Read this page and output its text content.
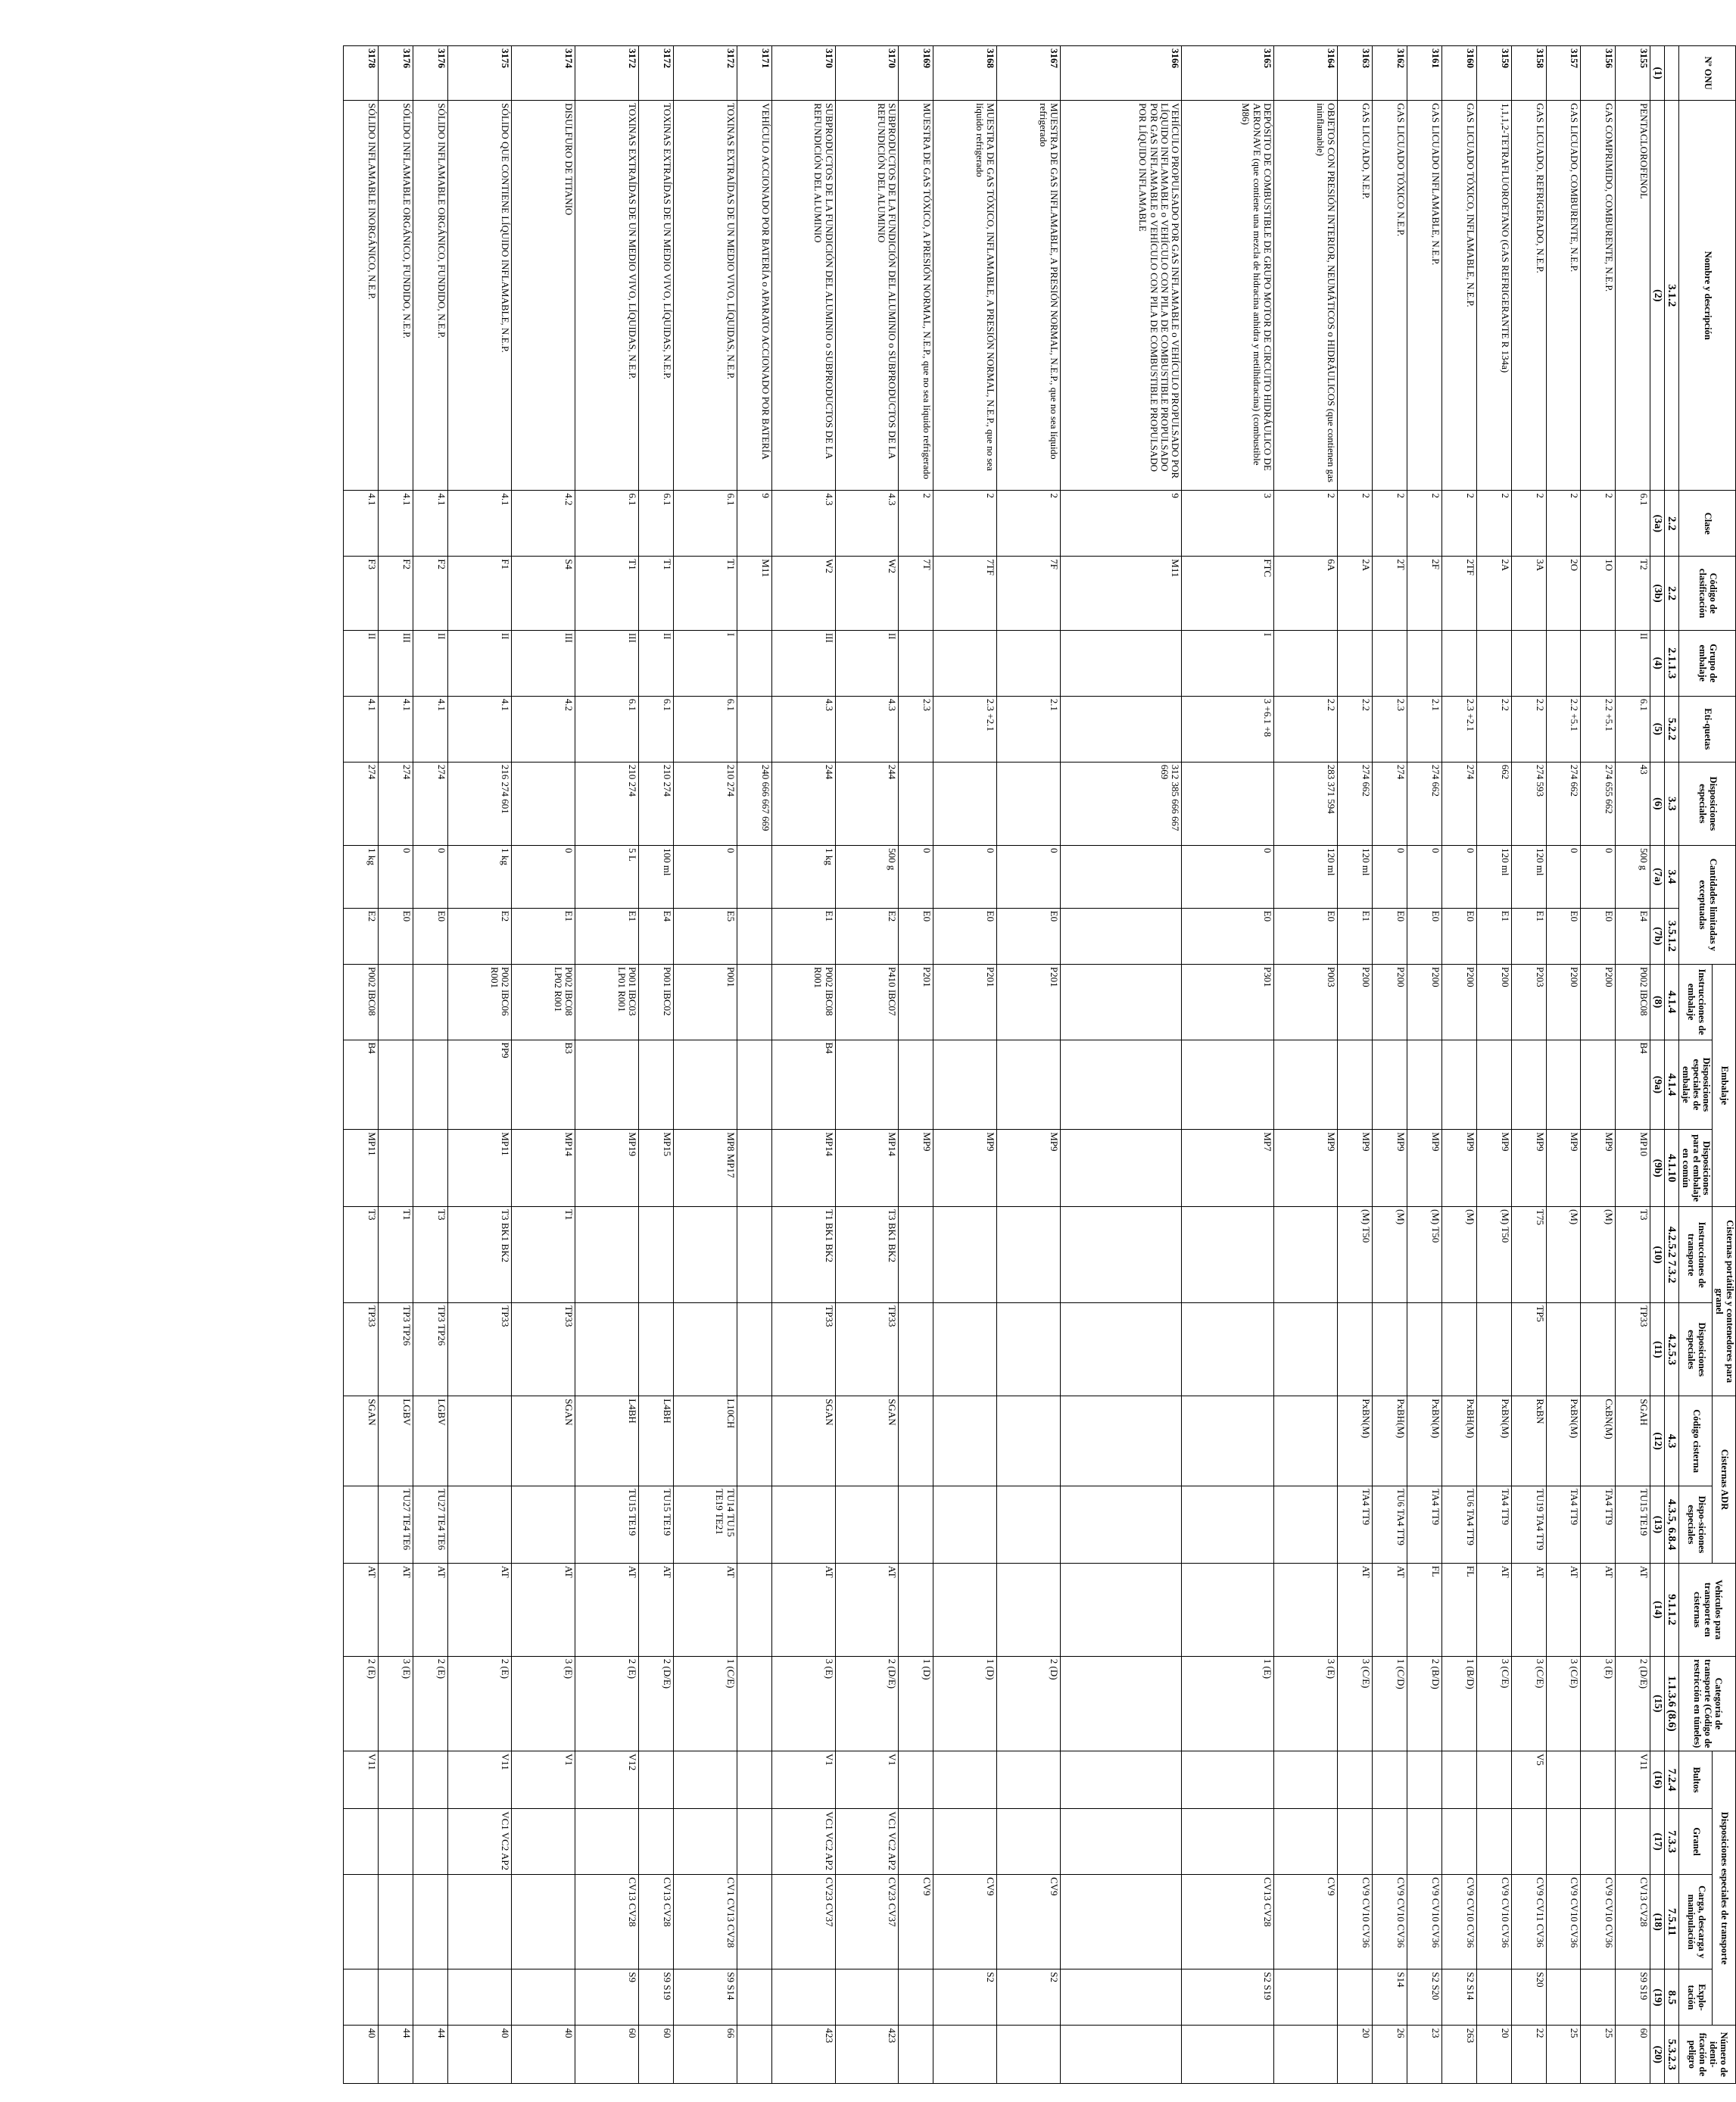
Nº ONU	Nombre y descripción	Clase	Código de clasificación	Grupo de embalaje	Eti-quetas	Disposiciones especiales	Cantidades limitadas y exceptuadas		Embalaje			Cisternas portátiles y contenedores para granel		Cisternas ADR		Vehículos para transporte en cisternas	Categoría de transporte (Código de restricción en túneles)	Disposiciones especiales de transporte				Número de identi-ficación de peligro
									Instrucciones de embalaje	Disposiciones especiales de embalaje	Disposiciones para el embalaje en común	Instrucciones de transporte	Disposiciones especiales	Código cisterna	Dispo-siciones especiales			Bultos	Granel	Carga, descarga y manipulación	Explo-tación	
	3.1.2	2.2	2.2	2.1.1.3	5.2.2	3.3	3.4	3.5.1.2	4.1.4	4.1.4	4.1.10	4.2.5.2 7.3.2	4.2.5.3	4.3	4.3.5, 6.8.4	9.1.1.2	1.1.3.6 (8.6)	7.2.4	7.3.3	7.5.11	8.5	5.3.2.3
(1)	(2)	(3a)	(3b)	(4)	(5)	(6)	(7a)	(7b)	(8)	(9a)	(9b)	(10)	(11)	(12)	(13)	(14)	(15)	(16)	(17)	(18)	(19)	(20)
3155	PENTACLOROFENOL	6.1	T2	II	6.1	43	500 g	E4	P002 IBC08	B4	MP10	T3	TP33	SGAH	TU15 TE19	AT	2 (D/E)	V11		CV13 CV28	S9 S19	60
3156	GAS COMPRIMIDO, COMBURENTE, N.E.P.	2	1O		2.2 +5.1	274 655 662	0	E0	P200		MP9	(M)		CxBN(M)	TA4 TT9	AT	3 (E)			CV9 CV10 CV36		25
3157	GAS LICUADO, COMBURENTE, N.E.P.	2	2O		2.2 +5.1	274 662	0	E0	P200		MP9	(M)		PxBN(M)	TA4 TT9	AT	3 (C/E)			CV9 CV10 CV36		25
3158	GAS LICUADO, REFRIGERADO, N.E.P.	2	3A		2.2	274 593	120 ml	E1	P203		MP9	T75	TP5	RxBN	TU19 TA4 TT9	AT	3 (C/E)	V5		CV9 CV11 CV36	S20	22
3159	1,1,1,2-TETRAFLUOROETANO (GAS REFRIGERANTE R 134a)	2	2A		2.2	662	120 ml	E1	P200		MP9	(M) T50		PxBN(M)	TA4 TT9	AT	3 (C/E)			CV9 CV10 CV36		20
3160	GAS LICUADO TÓXICO, INFLAMABLE, N.E.P.	2	2TF		2.3 +2.1	274	0	E0	P200		MP9	(M)		PxBH(M)	TU6 TA4 TT9	FL	1 (B/D)			CV9 CV10 CV36	S2 S14	263
3161	GAS LICUADO INFLAMABLE, N.E.P.	2	2F		2.1	274 662	0	E0	P200		MP9	(M) T50		PxBN(M)	TA4 TT9	FL	2 (B/D)			CV9 CV10 CV36	S2 S20	23
3162	GAS LICUADO TÓXICO N.E.P.	2	2T		2.3	274	0	E0	P200		MP9	(M)		PxBH(M)	TU6 TA4 TT9	AT	1 (C/D)			CV9 CV10 CV36	S14	26
3163	GAS LICUADO, N.E.P.	2	2A		2.2	274 662	120 ml	E1	P200		MP9	(M) T50		PxBN(M)	TA4 TT9	AT	3 (C/E)			CV9 CV10 CV36		20
3164	OBJETOS CON PRESIÓN INTERIOR, NEUMÁTICOS o HIDRÁULICOS (que contienen gas ininflamable)	2	6A		2.2	283 371 594	120 ml	E0	P003		MP9						3 (E)			CV9		
3165	DEPÓSITO DE COMBUSTIBLE DE GRUPO MOTOR DE CIRCUITO HIDRÁULICO DE AERONAVE (que contiene una mezcla de hidracina anhidra y metilhidracina) (combustible M86)	3	FTC	I	3 +6.1 +8		0	E0	P301		MP7						1 (E)			CV13 CV28	S2 S19	
3166	VEHÍCULO PROPULSADO POR GAS INFLAMABLE o VEHÍCULO PROPULSADO POR LÍQUIDO INFLAMABLE o VEHÍCULO CON PILA DE COMBUSTIBLE PROPULSADO POR GAS INFLAMABLE o VEHÍCULO CON PILA DE COMBUSTIBLE PROPULSADO POR LÍQUIDO INFLAMABLE	9	M11			312 385 666 667 669																
3167	MUESTRA DE GAS INFLAMABLE, A PRESIÓN NORMAL, N.E.P., que no sea líquido refrigerado	2	7F		2.1		0	E0	P201		MP9						2 (D)			CV9	S2	
3168	MUESTRA DE GAS TÓXICO, INFLAMABLE, A PRESIÓN NORMAL, N.E.P., que no sea líquido refrigerado	2	7TF		2.3 +2.1		0	E0	P201		MP9						1 (D)			CV9	S2	
3169	MUESTRA DE GAS TÓXICO, A PRESIÓN NORMAL, N.E.P., que no sea líquido refrigerado	2	7T		2.3		0	E0	P201		MP9						1 (D)			CV9		
3170	SUBPRODUCTOS DE LA FUNDICIÓN DEL ALUMINIO o SUBPRODUCTOS DE LA REFUNDICIÓN DEL ALUMINIO	4.3	W2	II	4.3	244	500 g	E2	P410 IBC07		MP14	T3 BK1 BK2	TP33	SGAN		AT	2 (D/E)	V1	VC1 VC2 AP2	CV23 CV37		423
3170	SUBPRODUCTOS DE LA FUNDICIÓN DEL ALUMINIO o SUBPRODUCTOS DE LA REFUNDICIÓN DEL ALUMINIO	4.3	W2	III	4.3	244	1 kg	E1	P002 IBC08 R001	B4	MP14	T1 BK1 BK2	TP33	SGAN		AT	3 (E)	V1	VC1 VC2 AP2	CV23 CV37		423
3171	VEHÍCULO ACCIONADO POR BATERÍA o APARATO ACCIONADO POR BATERÍA	9	M11			240 666 667 669																
3172	TOXINAS EXTRAÍDAS DE UN MEDIO VIVO, LÍQUIDAS, N.E.P.	6.1	T1	I	6.1	210 274	0	E5	P001		MP8 MP17			L10CH	TU14 TU15 TE19 TE21	AT	1 (C/E)			CV1 CV13 CV28	S9 S14	66
3172	TOXINAS EXTRAÍDAS DE UN MEDIO VIVO, LÍQUIDAS, N.E.P.	6.1	T1	II	6.1	210 274	100 ml	E4	P001 IBC02		MP15			L4BH	TU15 TE19	AT	2 (D/E)			CV13 CV28	S9 S19	60
3172	TOXINAS EXTRAÍDAS DE UN MEDIO VIVO, LÍQUIDAS, N.E.P.	6.1	T1	III	6.1	210 274	5 L	E1	P001 IBC03 LP01 R001		MP19			L4BH	TU15 TE19	AT	2 (E)	V12		CV13 CV28	S9	60
3174	DISULFURO DE TITANIO	4.2	S4	III	4.2		0	E1	P002 IBC08 LP02 R001	B3	MP14	T1	TP33	SGAN		AT	3 (E)	V1				40
3175	SÓLIDO QUE CONTIENE LÍQUIDO INFLAMABLE, N.E.P.	4.1	F1	II	4.1	216 274 601	1 kg	E2	P002 IBC06 R001	PP9	MP11	T3 BK1 BK2	TP33			AT	2 (E)	V11	VC1 VC2 AP2			40
3176	SÓLIDO INFLAMABLE ORGÁNICO, FUNDIDO, N.E.P.	4.1	F2	II	4.1	274	0	E0				T3	TP3 TP26	LGBV	TU27 TE4 TE6	AT	2 (E)					44
3176	SÓLIDO INFLAMABLE ORGÁNICO, FUNDIDO, N.E.P.	4.1	F2	III	4.1	274	0	E0				T1	TP3 TP26	LGBV	TU27 TE4 TE6	AT	3 (E)					44
3178	SÓLIDO INFLAMABLE INORGÁNICO, N.E.P.	4.1	F3	II	4.1	274	1 kg	E2	P002 IBC08	B4	MP11	T3	TP33	SGAN		AT	2 (E)	V11				40
